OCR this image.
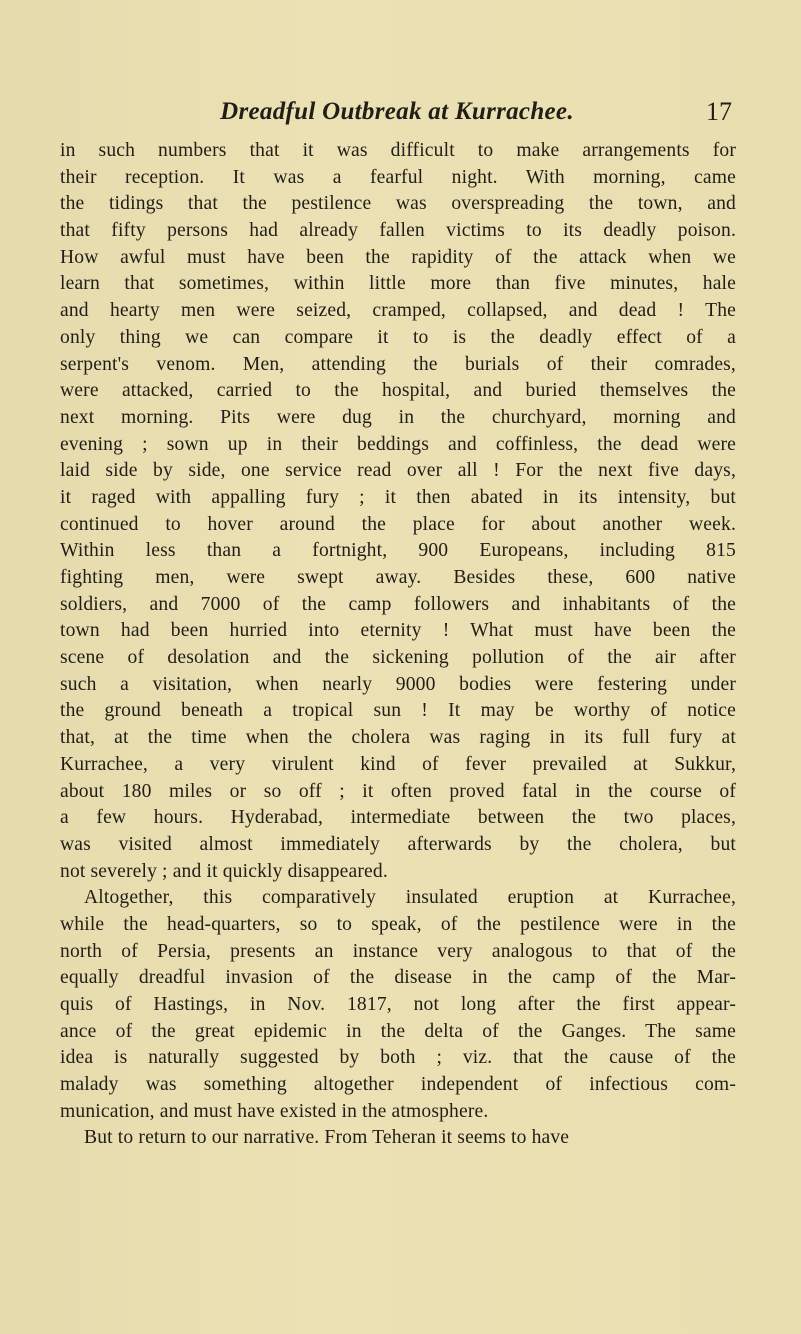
Dreadful Outbreak at Kurrachee.	17
in such numbers that it was difficult to make arrangements for
their reception. It was a fearful night. With morning, came
the tidings that the pestilence was overspreading the town, and
that fifty persons had already fallen victims to its deadly poison.
How awful must have been the rapidity of the attack when we
learn that sometimes, within little more than five minutes, hale
and hearty men were seized, cramped, collapsed, and dead ! The
only thing we can compare it to is the deadly effect of a
serpent's venom. Men, attending the burials of their comrades,
were attacked, carried to the hospital, and buried themselves the
next morning. Pits were dug in the churchyard, morning and
evening ; sown up in their beddings and coffinless, the dead were
laid side by side, one service read over all ! For the next five days,
it raged with appalling fury ; it then abated in its intensity, but
continued to hover around the place for about another week.
Within less than a fortnight, 900 Europeans, including 815
fighting men, were swept away. Besides these, 600 native
soldiers, and 7000 of the camp followers and inhabitants of the
town had been hurried into eternity ! What must have been the
scene of desolation and the sickening pollution of the air after
such a visitation, when nearly 9000 bodies were festering under
the ground beneath a tropical sun ! It may be worthy of notice
that, at the time when the cholera was raging in its full fury at
Kurrachee, a very virulent kind of fever prevailed at Sukkur,
about 180 miles or so off ; it often proved fatal in the course of
a few hours. Hyderabad, intermediate between the two places,
was visited almost immediately afterwards by the cholera, but
not severely ; and it quickly disappeared.
Altogether, this comparatively insulated eruption at Kurrachee,
while the head-quarters, so to speak, of the pestilence were in the
north of Persia, presents an instance very analogous to that of the
equally dreadful invasion of the disease in the camp of the Mar-
quis of Hastings, in Nov. 1817, not long after the first appear-
ance of the great epidemic in the delta of the Ganges. The same
idea is naturally suggested by both ; viz. that the cause of the
malady was something altogether independent of infectious com-
munication, and must have existed in the atmosphere.
But to return to our narrative. From Teheran it seems to have
